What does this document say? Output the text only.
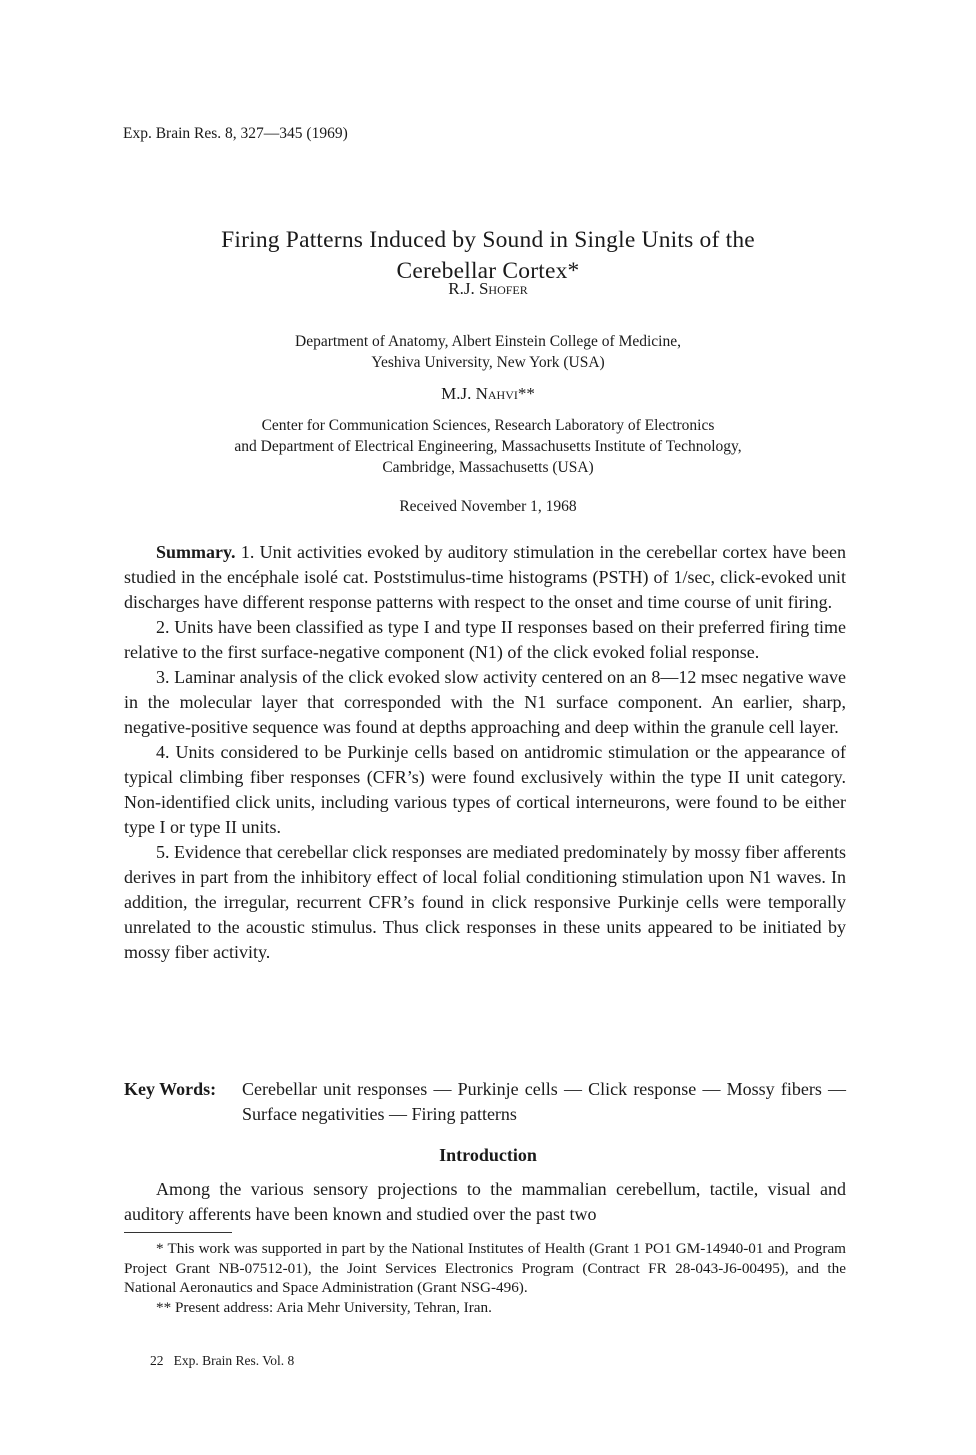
Exp. Brain Res. 8, 327—345 (1969)
Firing Patterns Induced by Sound in Single Units of the
Cerebellar Cortex*
R.J. Shofer
Department of Anatomy, Albert Einstein College of Medicine,
Yeshiva University, New York (USA)
M.J. Nahvi**
Center for Communication Sciences, Research Laboratory of Electronics
and Department of Electrical Engineering, Massachusetts Institute of Technology,
Cambridge, Massachusetts (USA)
Received November 1, 1968

Summary. 1. Unit activities evoked by auditory stimulation in the cerebellar cortex have been studied in the encéphale isolé cat. Poststimulus-time histograms (PSTH) of 1/sec, click-evoked unit discharges have different response patterns with respect to the onset and time course of unit firing.

2. Units have been classified as type I and type II responses based on their preferred firing time relative to the first surface-negative component (N1) of the click evoked folial response.

3. Laminar analysis of the click evoked slow activity centered on an 8—12 msec negative wave in the molecular layer that corresponded with the N1 surface component. An earlier, sharp, negative-positive sequence was found at depths approaching and deep within the granule cell layer.

4. Units considered to be Purkinje cells based on antidromic stimulation or the appearance of typical climbing fiber responses (CFR’s) were found exclusively within the type II unit category. Non-identified click units, including various types of cortical interneurons, were found to be either type I or type II units.

5. Evidence that cerebellar click responses are mediated predominately by mossy fiber afferents derives in part from the inhibitory effect of local folial conditioning stimulation upon N1 waves. In addition, the irregular, recurrent CFR’s found in click responsive Purkinje cells were temporally unrelated to the acoustic stimulus. Thus click responses in these units appeared to be initiated by mossy fiber activity.

Key Words: Cerebellar unit responses — Purkinje cells — Click response — Mossy fibers — Surface negativities — Firing patterns
Introduction

Among the various sensory projections to the mammalian cerebellum, tactile, visual and auditory afferents have been known and studied over the past two

* This work was supported in part by the National Institutes of Health (Grant 1 PO1 GM-14940-01 and Program Project Grant NB-07512-01), the Joint Services Electronics Program (Contract FR 28-043-J6-00495), and the National Aeronautics and Space Administration (Grant NSG-496).

** Present address: Aria Mehr University, Tehran, Iran.

22   Exp. Brain Res. Vol. 8
